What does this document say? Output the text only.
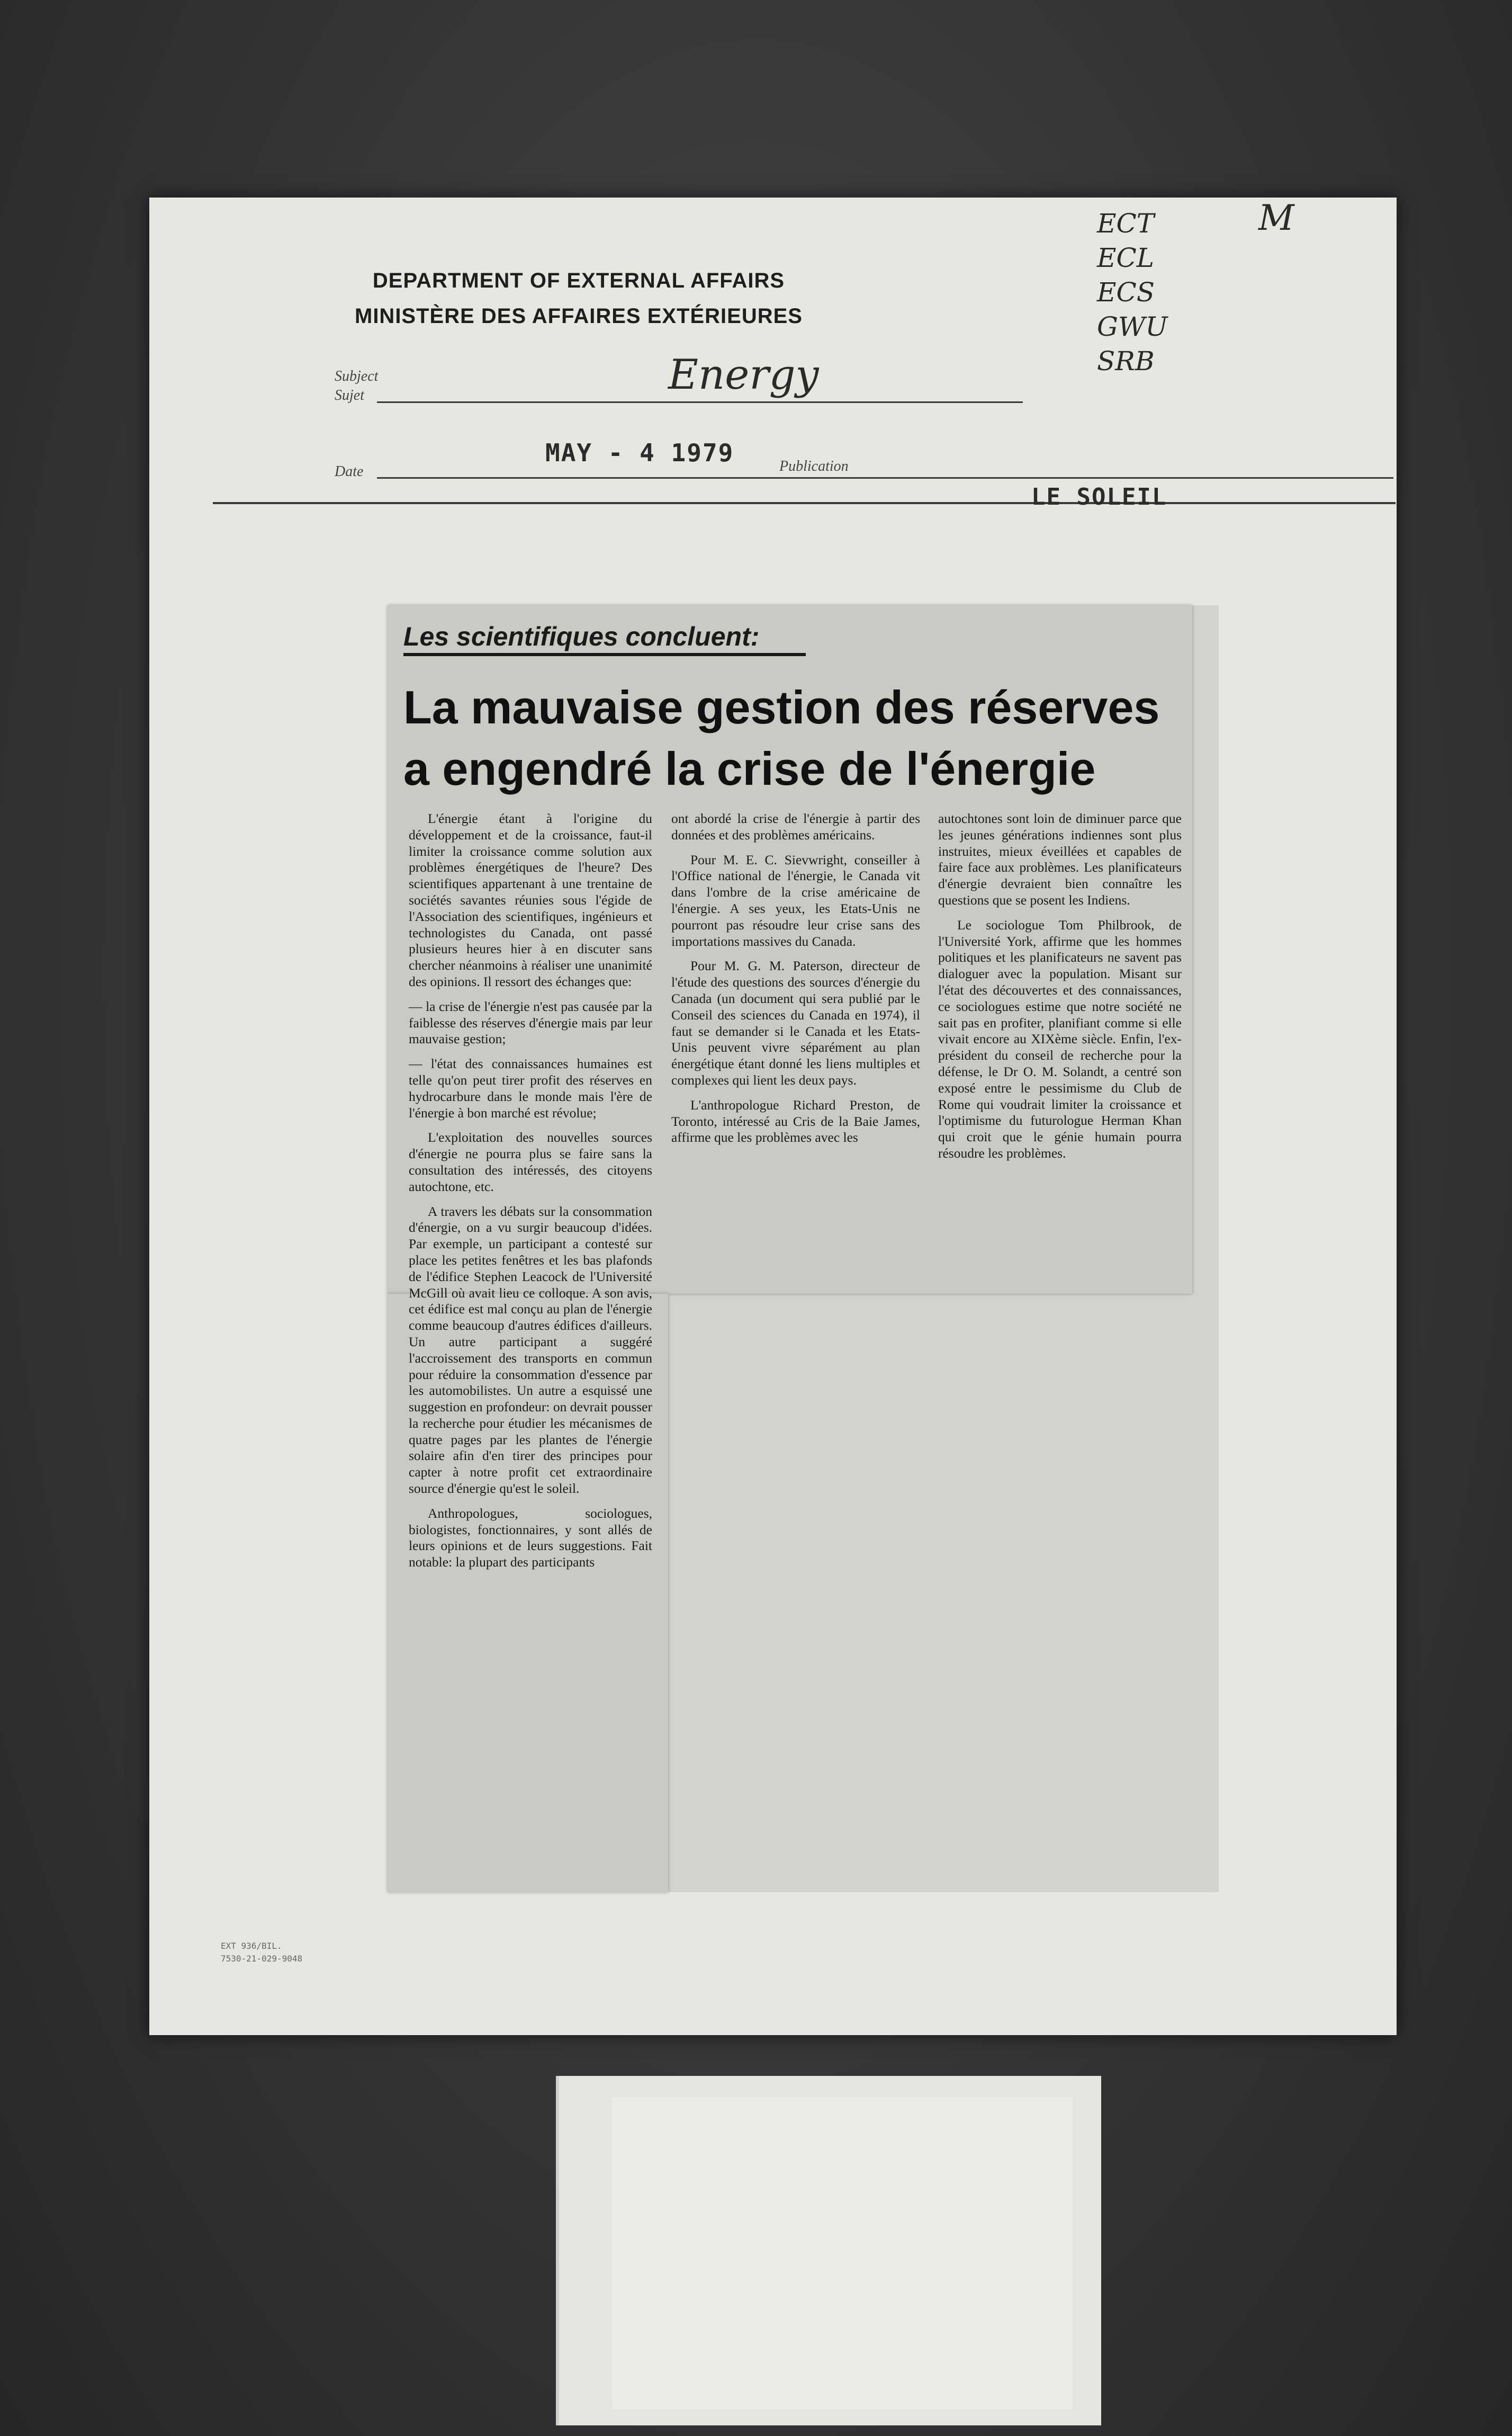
DEPARTMENT OF EXTERNAL AFFAIRS
MINISTÈRE DES AFFAIRES EXTÉRIEURES
ECT
ECL
ECS
GWU
SRB
M
Subject
Sujet	Energy
Date
MAY - 4 1979	Publication
LE SOLEIL
Les scientifiques concluent:
La mauvaise gestion des réserves a engendré la crise de l'énergie

L'énergie étant à l'origine du développement et de la croissance, faut-il limiter la croissance comme solution aux problèmes énergétiques de l'heure? Des scientifiques appartenant à une trentaine de sociétés savantes réunies sous l'égide de l'Association des scientifiques, ingénieurs et technologistes du Canada, ont passé plusieurs heures hier à en discuter sans chercher néanmoins à réaliser une unanimité des opinions. Il ressort des échanges que:

— la crise de l'énergie n'est pas causée par la faiblesse des réserves d'énergie mais par leur mauvaise gestion;

— l'état des connaissances humaines est telle qu'on peut tirer profit des réserves en hydrocarbure dans le monde mais l'ère de l'énergie à bon marché est révolue;

L'exploitation des nouvelles sources d'énergie ne pourra plus se faire sans la consultation des intéressés, des citoyens autochtone, etc.

A travers les débats sur la consommation d'énergie, on a vu surgir beaucoup d'idées. Par exemple, un participant a contesté sur place les petites fenêtres et les bas plafonds de l'édifice Stephen Leacock de l'Université McGill où avait lieu ce colloque. A son avis, cet édifice est mal conçu au plan de l'énergie comme beaucoup d'autres édifices d'ailleurs. Un autre participant a suggéré l'accroissement des transports en commun pour réduire la consommation d'essence par les automobilistes. Un autre a esquissé une suggestion en profondeur: on devrait pousser la recherche pour étudier les mécanismes de quatre pages par les plantes de l'énergie solaire afin d'en tirer des principes pour capter à notre profit cet extraordinaire source d'énergie qu'est le soleil.

Anthropologues, sociologues, biologistes, fonctionnaires, y sont allés de leurs opinions et de leurs suggestions. Fait notable: la plupart des participants

ont abordé la crise de l'énergie à partir des données et des problèmes américains.

Pour M. E. C. Sievwright, conseiller à l'Office national de l'énergie, le Canada vit dans l'ombre de la crise américaine de l'énergie. A ses yeux, les Etats-Unis ne pourront pas résoudre leur crise sans des importations massives du Canada.

Pour M. G. M. Paterson, directeur de l'étude des questions des sources d'énergie du Canada (un document qui sera publié par le Conseil des sciences du Canada en 1974), il faut se demander si le Canada et les Etats-Unis peuvent vivre séparément au plan énergétique étant donné les liens multiples et complexes qui lient les deux pays.

L'anthropologue Richard Preston, de Toronto, intéressé au Cris de la Baie James, affirme que les problèmes avec les

autochtones sont loin de diminuer parce que les jeunes générations indiennes sont plus instruites, mieux éveillées et capables de faire face aux problèmes. Les planificateurs d'énergie devraient bien connaître les questions que se posent les Indiens.

Le sociologue Tom Philbrook, de l'Université York, affirme que les hommes politiques et les planificateurs ne savent pas dialoguer avec la population. Misant sur l'état des découvertes et des connaissances, ce sociologues estime que notre société ne sait pas en profiter, planifiant comme si elle vivait encore au XIXème siècle. Enfin, l'ex-président du conseil de recherche pour la défense, le Dr O. M. Solandt, a centré son exposé entre le pessimisme du Club de Rome qui voudrait limiter la croissance et l'optimisme du futurologue Herman Khan qui croit que le génie humain pourra résoudre les problèmes.

EXT 936/BIL.
7530-21-029-9048
